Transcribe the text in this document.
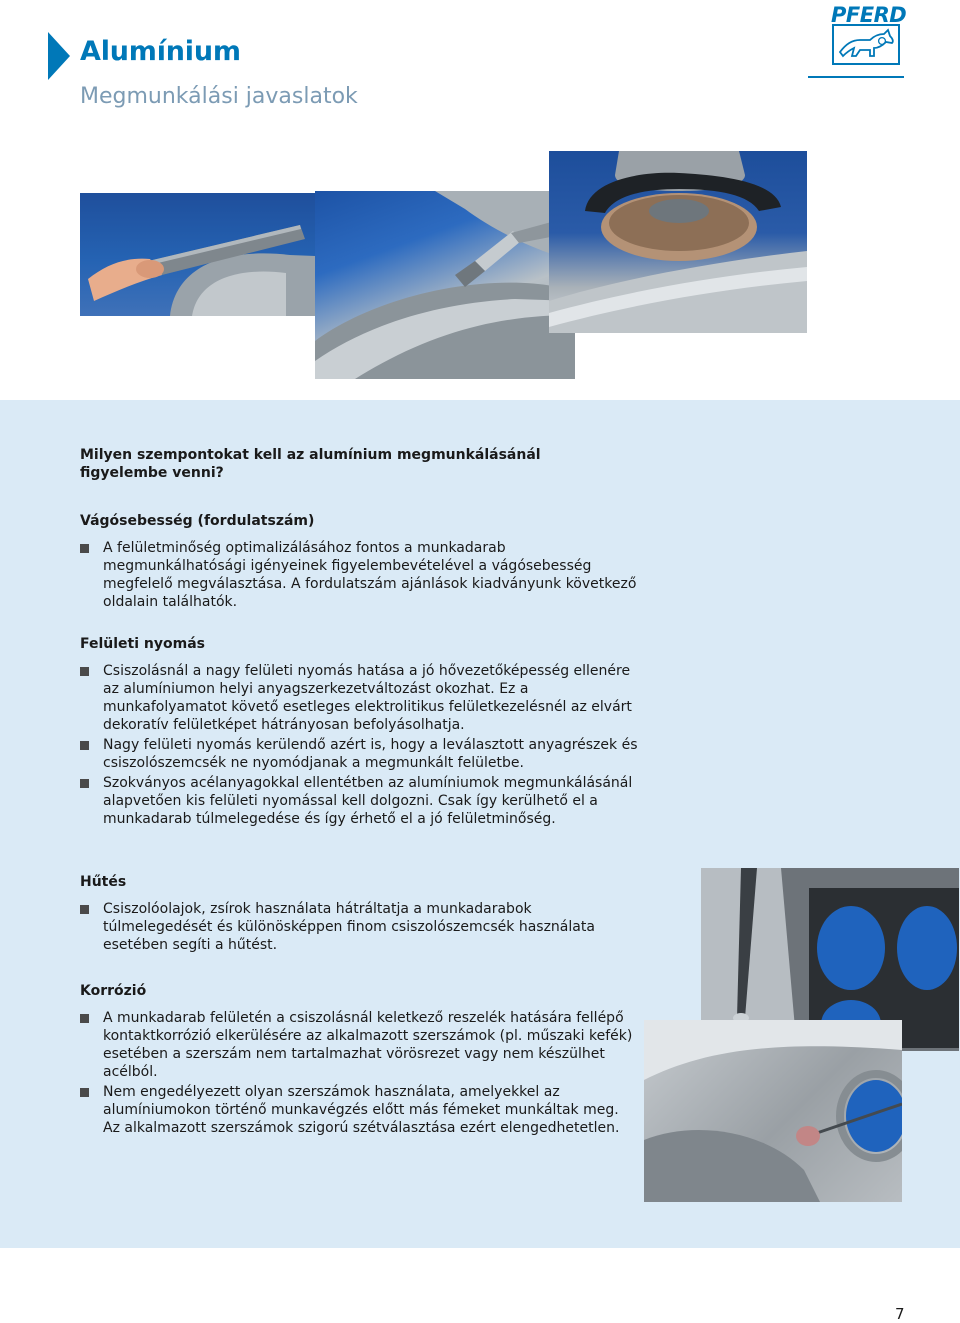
Alumínium
Megmunkálási javaslatok
PFERD

Milyen szempontokat kell az alumínium megmunkálásánál figyelembe venni?

Vágósebesség (fordulatszám)
A felületminőség optimalizálásához fontos a munkadarab megmunkálhatósági igényeinek figyelembevételével a vágósebesség megfelelő megválasztása. A fordulatszám ajánlások kiadványunk következő oldalain találhatók.
Felületi nyomás
Csiszolásnál a nagy felületi nyomás hatása a jó hővezetőképesség ellenére az alumíniumon helyi anyagszerkezetváltozást okozhat. Ez a munkafolyamatot követő esetleges elektrolitikus felületkezelésnél az elvárt dekoratív felületképet hátrányosan befolyásolhatja.
Nagy felületi nyomás kerülendő azért is, hogy a leválasztott anyagrészek és csiszolószemcsék ne nyomódjanak a megmunkált felületbe.
Szokványos acélanyagokkal ellentétben az alumíniumok megmunkálásánál alapvetően kis felületi nyomással kell dolgozni. Csak így kerülhető el a munkadarab túlmelegedése és így érhető el a jó felületminőség.
Hűtés
Csiszolóolajok, zsírok használata hátráltatja a munkadarabok túlmelegedését és különösképpen finom csiszolószemcsék használata esetében segíti a hűtést.
Korrózió
A munkadarab felületén a csiszolásnál keletkező reszelék hatására fellépő kontaktkorrózió elkerülésére az alkalmazott szerszámok (pl. műszaki kefék) esetében a szerszám nem tartalmazhat vörösrezet vagy nem készülhet acélból.
Nem engedélyezett olyan szerszámok használata, amelyekkel az alumíniumokon történő munkavégzés előtt más fémeket munkáltak meg. Az alkalmazott szerszámok szigorú szétválasztása ezért elengedhetetlen.
7
